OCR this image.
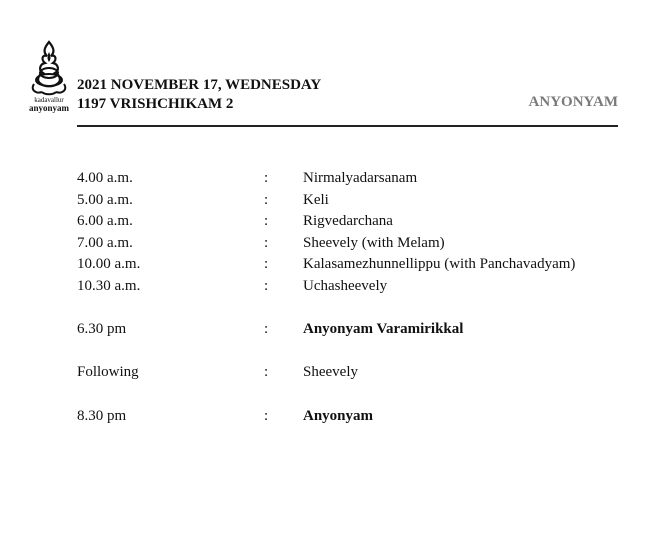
kadavallur
anyonyam
2021 NOVEMBER 17, WEDNESDAY
1197 VRISHCHIKAM 2	ANYONYAM
4.00 a.m.	: Nirmalyadarsanam
5.00 a.m.	: Keli
6.00 a.m.	: Rigvedarchana
7.00 a.m.	: Sheevely (with Melam)
10.00 a.m.	: Kalasamezhunnellippu (with Panchavadyam)
10.30 a.m.	: Uchasheevely
6.30 pm	: Anyonyam Varamirikkal
Following	: Sheevely
8.30 pm	: Anyonyam
